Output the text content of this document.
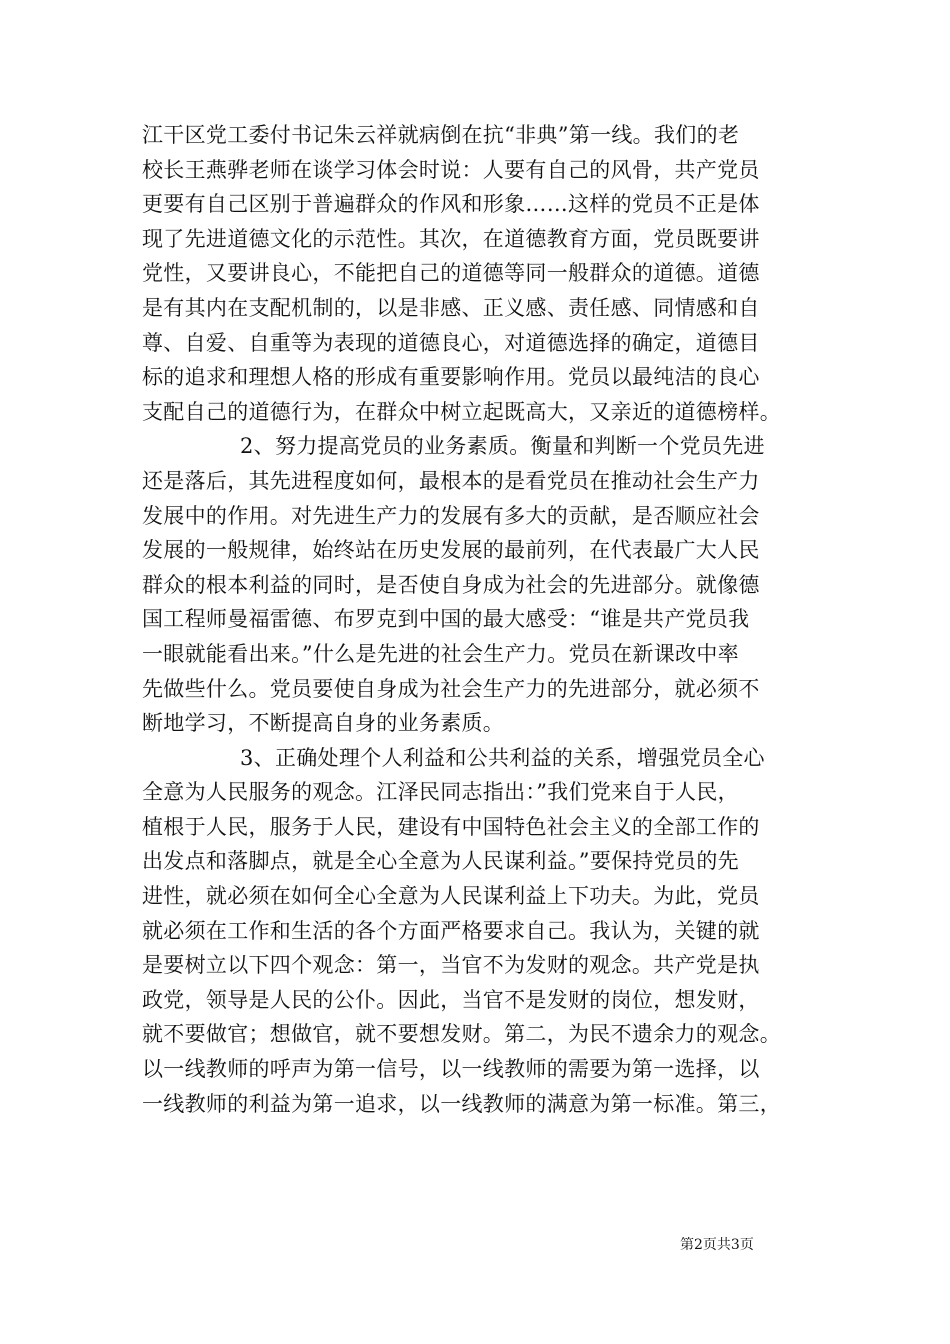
江干区党工委付书记朱云祥就病倒在抗“非典”第一线。我们的老
校长王燕骅老师在谈学习体会时说：人要有自己的风骨，共产党员
更要有自己区别于普遍群众的作风和形象……这样的党员不正是体
现了先进道德文化的示范性。其次，在道德教育方面，党员既要讲
党性，又要讲良心，不能把自己的道德等同一般群众的道德。道德
是有其内在支配机制的，以是非感、正义感、责任感、同情感和自
尊、自爱、自重等为表现的道德良心，对道德选择的确定，道德目
标的追求和理想人格的形成有重要影响作用。党员以最纯洁的良心
支配自己的道德行为，在群众中树立起既高大，又亲近的道德榜样。
2、努力提高党员的业务素质。衡量和判断一个党员先进
还是落后，其先进程度如何，最根本的是看党员在推动社会生产力
发展中的作用。对先进生产力的发展有多大的贡献，是否顺应社会
发展的一般规律，始终站在历史发展的最前列，在代表最广大人民
群众的根本利益的同时，是否使自身成为社会的先进部分。就像德
国工程师曼福雷德、布罗克到中国的最大感受：“谁是共产党员我
一眼就能看出来。”什么是先进的社会生产力。党员在新课改中率
先做些什么。党员要使自身成为社会生产力的先进部分，就必须不
断地学习，不断提高自身的业务素质。
3、正确处理个人利益和公共利益的关系，增强党员全心
全意为人民服务的观念。江泽民同志指出：”我们党来自于人民，
植根于人民，服务于人民，建设有中国特色社会主义的全部工作的
出发点和落脚点，就是全心全意为人民谋利益。”要保持党员的先
进性，就必须在如何全心全意为人民谋利益上下功夫。为此，党员
就必须在工作和生活的各个方面严格要求自己。我认为，关键的就
是要树立以下四个观念：第一，当官不为发财的观念。共产党是执
政党，领导是人民的公仆。因此，当官不是发财的岗位，想发财，
就不要做官；想做官，就不要想发财。第二，为民不遗余力的观念。
以一线教师的呼声为第一信号，以一线教师的需要为第一选择，以
一线教师的利益为第一追求，以一线教师的满意为第一标准。第三，
第2页共3页
